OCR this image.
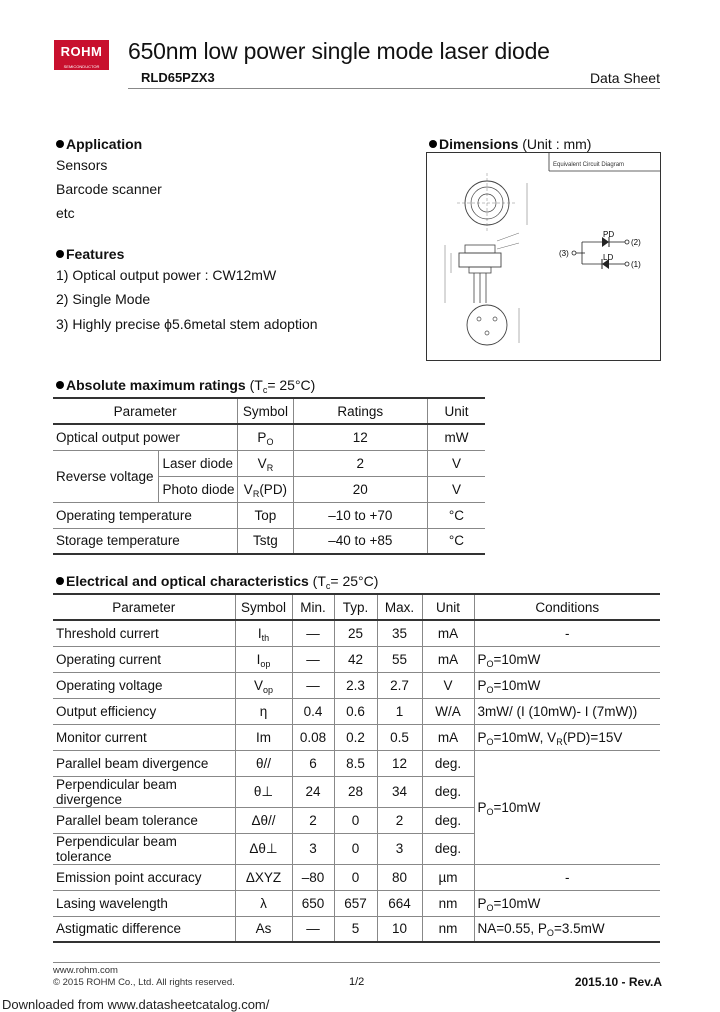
ROHM
SEMICONDUCTOR
650nm low power single mode laser diode
RLD65PZX3	Data Sheet
Application
Sensors
Barcode scanner
etc
Features
1) Optical output power : CW12mW
2) Single Mode
3) Highly precise ϕ5.6metal stem adoption
Dimensions (Unit : mm)
Equivalent Circuit Diagram
PD
LD
(2)
(1)
(3)
Absolute maximum ratings $(T_c= 25^\circ C)$
Parameter		Symbol	Ratings	Unit
Optical output power		$P_O$	12	mW
Reverse voltage	Laser diode	$V_R$	2	V
	Photo diode	$V_R(PD)$	20	V
Operating temperature		Top	–10 to +70	°C
Storage temperature		Tstg	–40 to +85	°C
Electrical and optical characteristics $(T_c= 25^\circ C)$
Parameter	Symbol	Min.	Typ.	Max.	Unit	Conditions
Threshold currert	$I_{th}$	—	25	35	mA	-
Operating current	$I_{op}$	—	42	55	mA	$P_O=10mW$
Operating voltage	$V_{op}$	—	2.3	2.7	V	$P_O=10mW$
Output efficiency	η	0.4	0.6	1	W/A	3mW/ (I (10mW)- I (7mW))
Monitor current	Im	0.08	0.2	0.5	mA	$P_O=10mW$, $V_R(PD)=15V$
Parallel beam divergence	θ//	6	8.5	12	deg.	$P_O=10mW$
Perpendicular beam divergence	θ⊥	24	28	34	deg.	
Parallel beam tolerance	Δθ//	2	0	2	deg.	
Perpendicular beam tolerance	Δθ⊥	3	0	3	deg.	
Emission point accuracy	ΔXYZ	–80	0	80	µm	-
Lasing wavelength	λ	650	657	664	nm	$P_O=10mW$
Astigmatic difference	As	—	5	10	nm	NA=0.55, $P_O=3.5mW$
www.rohm.com
© 2015 ROHM Co., Ltd. All rights reserved.	1/2	2015.10 - Rev.A
Downloaded from www.datasheetcatalog.com/
